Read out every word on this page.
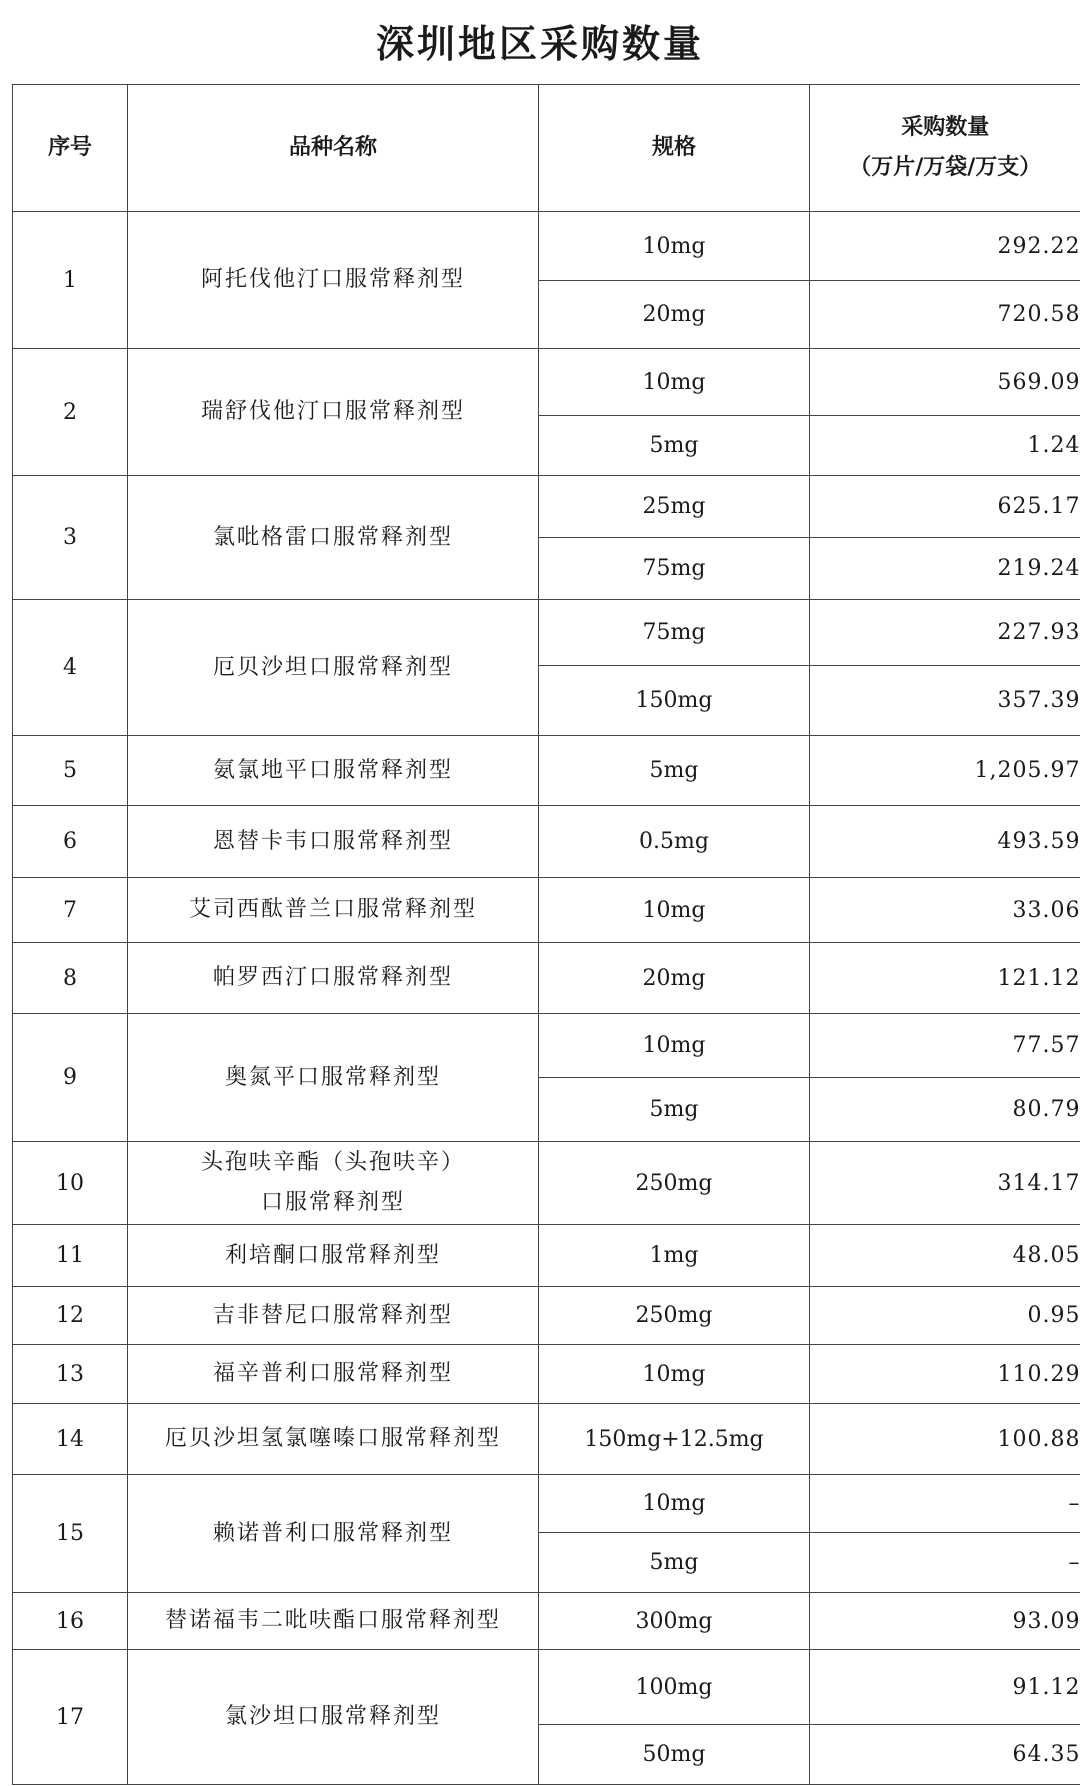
深圳地区采购数量
序号	品种名称	规格	采购数量
（万片/万袋/万支）

1	阿托伐他汀口服常释剂型	10mg	292.22
		20mg	720.58
2	瑞舒伐他汀口服常释剂型	10mg	569.09
		5mg	1.24
3	氯吡格雷口服常释剂型	25mg	625.17
		75mg	219.24
4	厄贝沙坦口服常释剂型	75mg	227.93
		150mg	357.39
5	氨氯地平口服常释剂型	5mg	1,205.97
6	恩替卡韦口服常释剂型	0.5mg	493.59
7	艾司西酞普兰口服常释剂型	10mg	33.06
8	帕罗西汀口服常释剂型	20mg	121.12
9	奥氮平口服常释剂型	10mg	77.57
		5mg	80.79
10	头孢呋辛酯（头孢呋辛）
口服常释剂型	250mg	314.17
11	利培酮口服常释剂型	1mg	48.05
12	吉非替尼口服常释剂型	250mg	0.95
13	福辛普利口服常释剂型	10mg	110.29
14	厄贝沙坦氢氯噻嗪口服常释剂型	150mg+12.5mg	100.88
15	赖诺普利口服常释剂型	10mg	–
		5mg	–
16	替诺福韦二吡呋酯口服常释剂型	300mg	93.09
17	氯沙坦口服常释剂型	100mg	91.12
		50mg	64.35
